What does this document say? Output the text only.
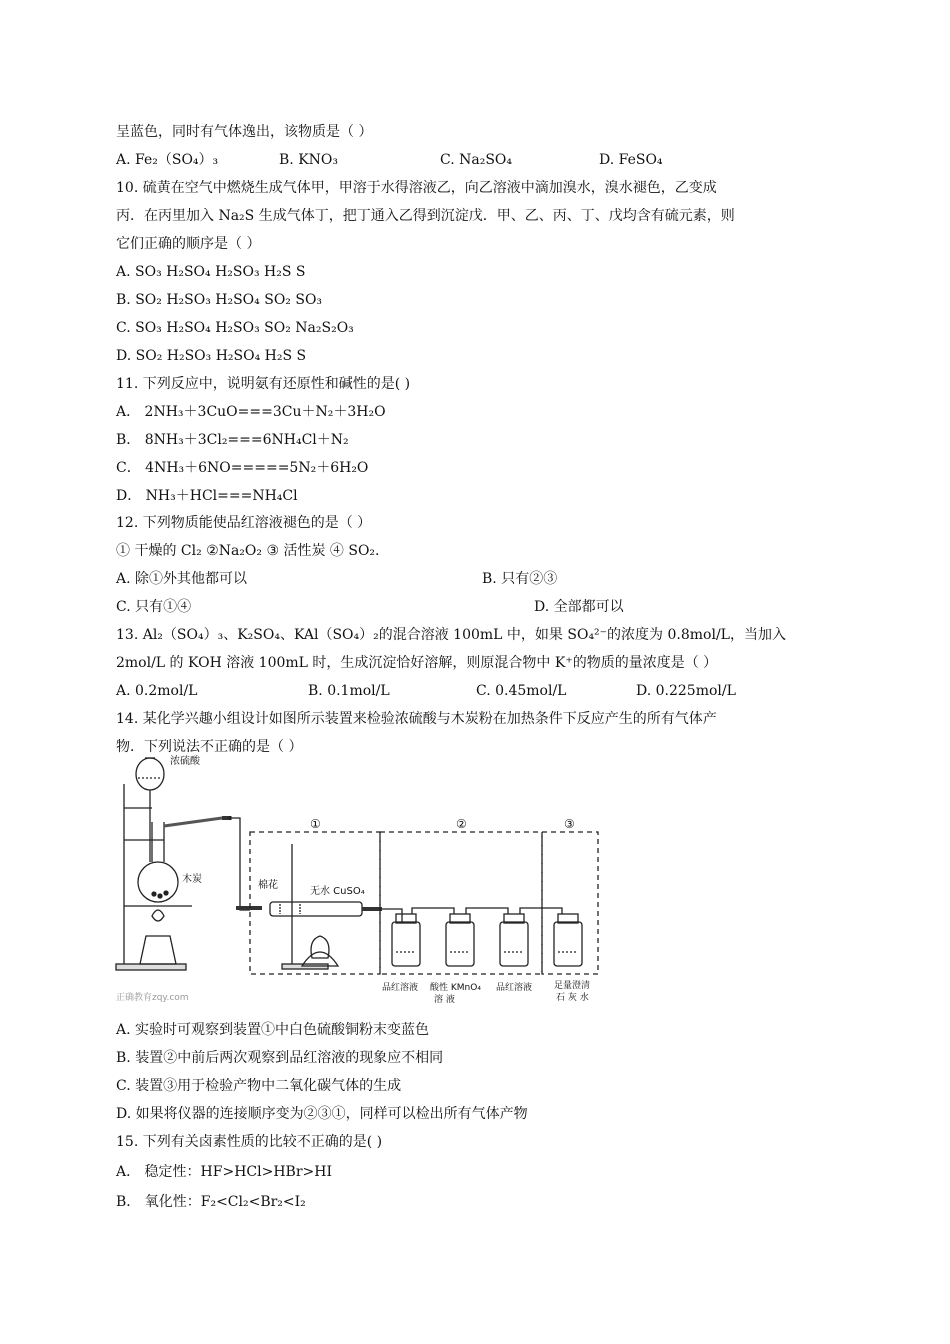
呈蓝色，同时有气体逸出，该物质是（ ）
A. Fe₂（SO₄）₃	B. KNO₃	C. Na₂SO₄	D. FeSO₄
10. 硫黄在空气中燃烧生成气体甲，甲溶于水得溶液乙，向乙溶液中滴加溴水，溴水褪色，乙变成
丙．在丙里加入 Na₂S 生成气体丁，把丁通入乙得到沉淀戊．甲、乙、丙、丁、戊均含有硫元素，则
它们正确的顺序是（ ）
A. SO₃ H₂SO₄ H₂SO₃ H₂S S
B. SO₂ H₂SO₃ H₂SO₄ SO₂ SO₃
C. SO₃ H₂SO₄ H₂SO₃ SO₂ Na₂S₂O₃
D. SO₂ H₂SO₃ H₂SO₄ H₂S S
11. 下列反应中，说明氨有还原性和碱性的是( )
A． 2NH₃＋3CuO===3Cu＋N₂＋3H₂O
B． 8NH₃＋3Cl₂===6NH₄Cl＋N₂
C． 4NH₃＋6NO=====5N₂＋6H₂O
D． NH₃＋HCl===NH₄Cl
12. 下列物质能使品红溶液褪色的是（ ）
① 干燥的 Cl₂ ②Na₂O₂ ③ 活性炭 ④ SO₂.
A. 除①外其他都可以	B. 只有②③
C. 只有①④	D. 全部都可以
13. Al₂（SO₄）₃、K₂SO₄、KAl（SO₄）₂的混合溶液 100mL 中，如果 SO₄²⁻的浓度为 0.8mol/L，当加入
2mol/L 的 KOH 溶液 100mL 时，生成沉淀恰好溶解，则原混合物中 K⁺的物质的量浓度是（ ）
A. 0.2mol/L	B. 0.1mol/L	C. 0.45mol/L	D. 0.225mol/L
14. 某化学兴趣小组设计如图所示装置来检验浓硫酸与木炭粉在加热条件下反应产生的所有气体产
物．下列说法不正确的是（ ）
浓硫酸
木炭
棉花
无水 CuSO₄
①	②	③
品红溶液 酸性 KMnO₄
溶 液
品红溶液 足量澄清
石 灰 水
正确教育zqy.com
A. 实验时可观察到装置①中白色硫酸铜粉末变蓝色
B. 装置②中前后两次观察到品红溶液的现象应不相同
C. 装置③用于检验产物中二氧化碳气体的生成
D. 如果将仪器的连接顺序变为②③①，同样可以检出所有气体产物
15. 下列有关卤素性质的比较不正确的是( )
A． 稳定性：HF>HCl>HBr>HI
B． 氧化性：F₂<Cl₂<Br₂<I₂
